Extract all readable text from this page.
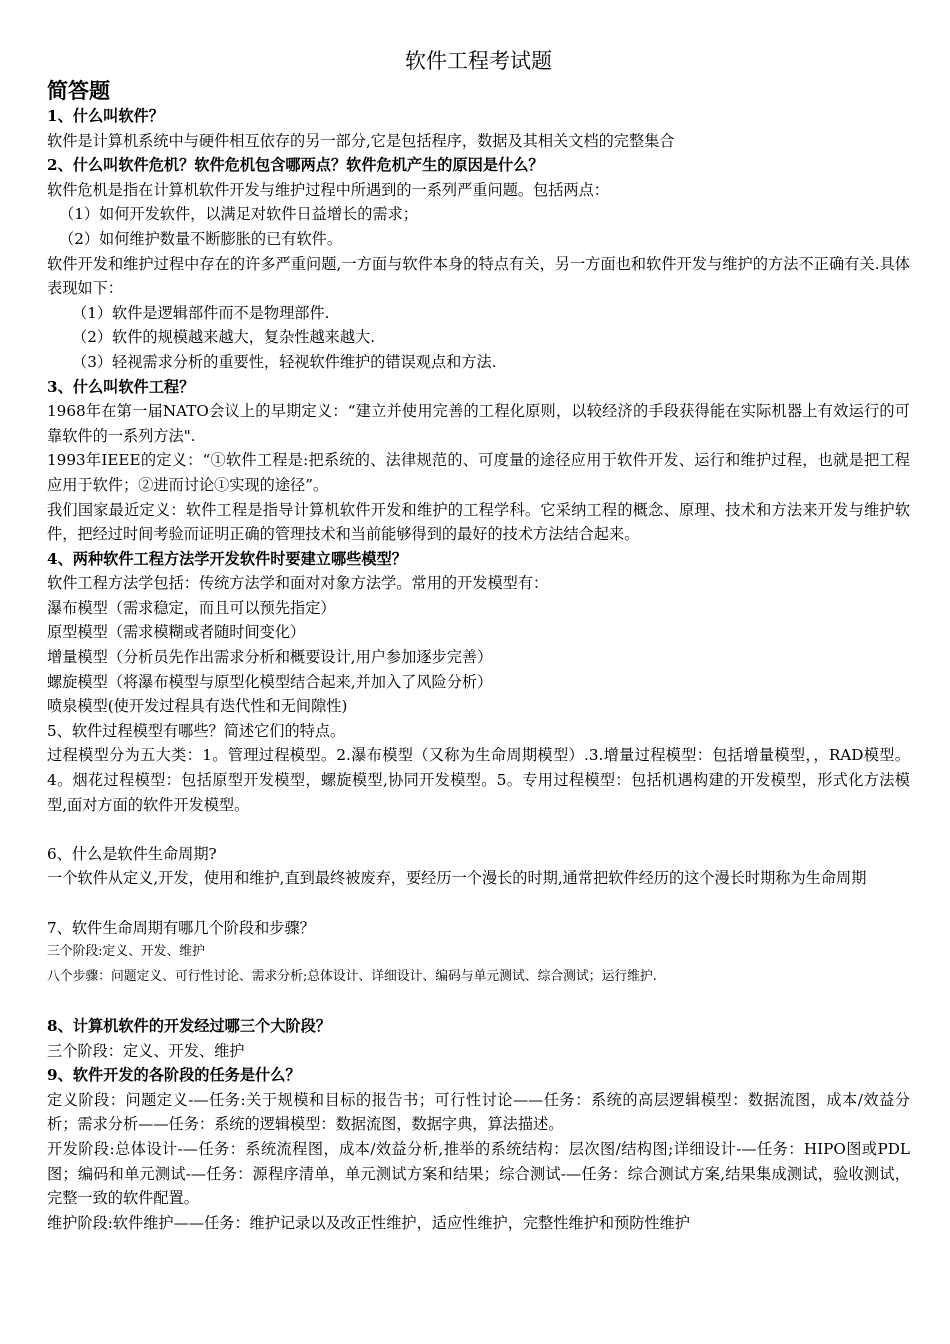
软件工程考试题
简答题

1、什么叫软件？

软件是计算机系统中与硬件相互依存的另一部分,它是包括程序，数据及其相关文档的完整集合

2、什么叫软件危机？软件危机包含哪两点？软件危机产生的原因是什么？

软件危机是指在计算机软件开发与维护过程中所遇到的一系列严重问题。包括两点：

（1）如何开发软件，以满足对软件日益增长的需求；

（2）如何维护数量不断膨胀的已有软件。

软件开发和维护过程中存在的许多严重问题,一方面与软件本身的特点有关，另一方面也和软件开发与维护的方法不正确有关.具体表现如下：

（1）软件是逻辑部件而不是物理部件.

（2）软件的规模越来越大，复杂性越来越大.

（3）轻视需求分析的重要性，轻视软件维护的错误观点和方法.

3、什么叫软件工程？

1968年在第一届NATO会议上的早期定义：“建立并使用完善的工程化原则，以较经济的手段获得能在实际机器上有效运行的可靠软件的一系列方法".

1993年IEEE的定义：“①软件工程是:把系统的、法律规范的、可度量的途径应用于软件开发、运行和维护过程，也就是把工程应用于软件；②进而讨论①实现的途径”。

我们国家最近定义：软件工程是指导计算机软件开发和维护的工程学科。它采纳工程的概念、原理、技术和方法来开发与维护软件，把经过时间考验而证明正确的管理技术和当前能够得到的最好的技术方法结合起来。

4、两种软件工程方法学开发软件时要建立哪些模型？

软件工程方法学包括：传统方法学和面对对象方法学。常用的开发模型有：

瀑布模型（需求稳定，而且可以预先指定）

原型模型（需求模糊或者随时间变化）

增量模型（分析员先作出需求分析和概要设计,用户参加逐步完善）

螺旋模型（将瀑布模型与原型化模型结合起来,并加入了风险分析）

喷泉模型(使开发过程具有迭代性和无间隙性)

5、软件过程模型有哪些？简述它们的特点。

过程模型分为五大类：1。管理过程模型。2.瀑布模型（又称为生命周期模型）.3.增量过程模型：包括增量模型，，RAD模型。4。烟花过程模型：包括原型开发模型，螺旋模型,协同开发模型。5。专用过程模型：包括机遇构建的开发模型，形式化方法模型,面对方面的软件开发模型。

6、什么是软件生命周期?

一个软件从定义,开发，使用和维护,直到最终被废弃，要经历一个漫长的时期,通常把软件经历的这个漫长时期称为生命周期

7、软件生命周期有哪几个阶段和步骤？

三个阶段:定义、开发、维护

八个步骤：问题定义、可行性讨论、需求分析;总体设计、详细设计、编码与单元测试、综合测试；运行维护.

8、计算机软件的开发经过哪三个大阶段？

三个阶段：定义、开发、维护

9、软件开发的各阶段的任务是什么？

定义阶段：问题定义-—任务:关于规模和目标的报告书；可行性讨论——任务：系统的高层逻辑模型：数据流图，成本/效益分析；需求分析——任务：系统的逻辑模型：数据流图，数据字典，算法描述。

开发阶段:总体设计-—任务：系统流程图，成本/效益分析,推举的系统结构：层次图/结构图;详细设计-—任务：HIPO图或PDL图；编码和单元测试-—任务：源程序清单，单元测试方案和结果；综合测试-—任务：综合测试方案,结果集成测试，验收测试，完整一致的软件配置。

维护阶段:软件维护——任务：维护记录以及改正性维护，适应性维护，完整性维护和预防性维护
